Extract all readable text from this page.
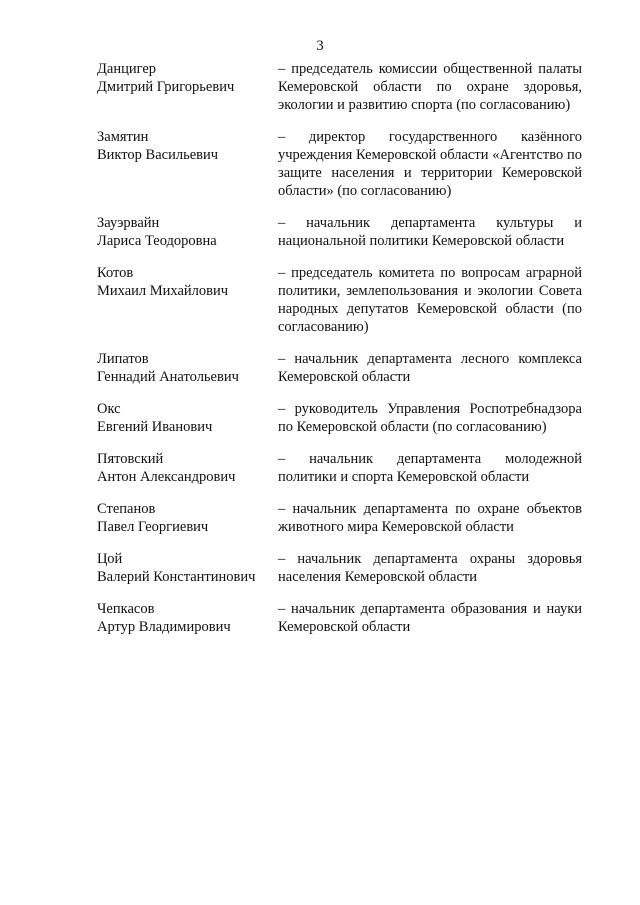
3
Данцигер
Дмитрий Григорьевич
– председатель комиссии общественной палаты Кемеровской области по охране здоровья, экологии и развитию спорта (по согласованию)
Замятин
Виктор Васильевич
– директор государственного казённого учреждения Кемеровской области «Агентство по защите населения и территории Кемеровской области» (по согласованию)
Зауэрвайн
Лариса Теодоровна
– начальник департамента культуры и национальной политики Кемеровской области
Котов
Михаил Михайлович
– председатель комитета по вопросам аграрной политики, землепользования и экологии Совета народных депутатов Кемеровской области (по согласованию)
Липатов
Геннадий Анатольевич
– начальник департамента лесного комплекса Кемеровской области
Окс
Евгений Иванович
– руководитель Управления Роспотребнадзора по Кемеровской области (по согласованию)
Пятовский
Антон Александрович
– начальник департамента молодежной политики и спорта Кемеровской области
Степанов
Павел Георгиевич
– начальник департамента по охране объектов животного мира Кемеровской области
Цой
Валерий Константинович
– начальник департамента охраны здоровья населения Кемеровской области
Чепкасов
Артур Владимирович
– начальник департамента образования и науки Кемеровской области
